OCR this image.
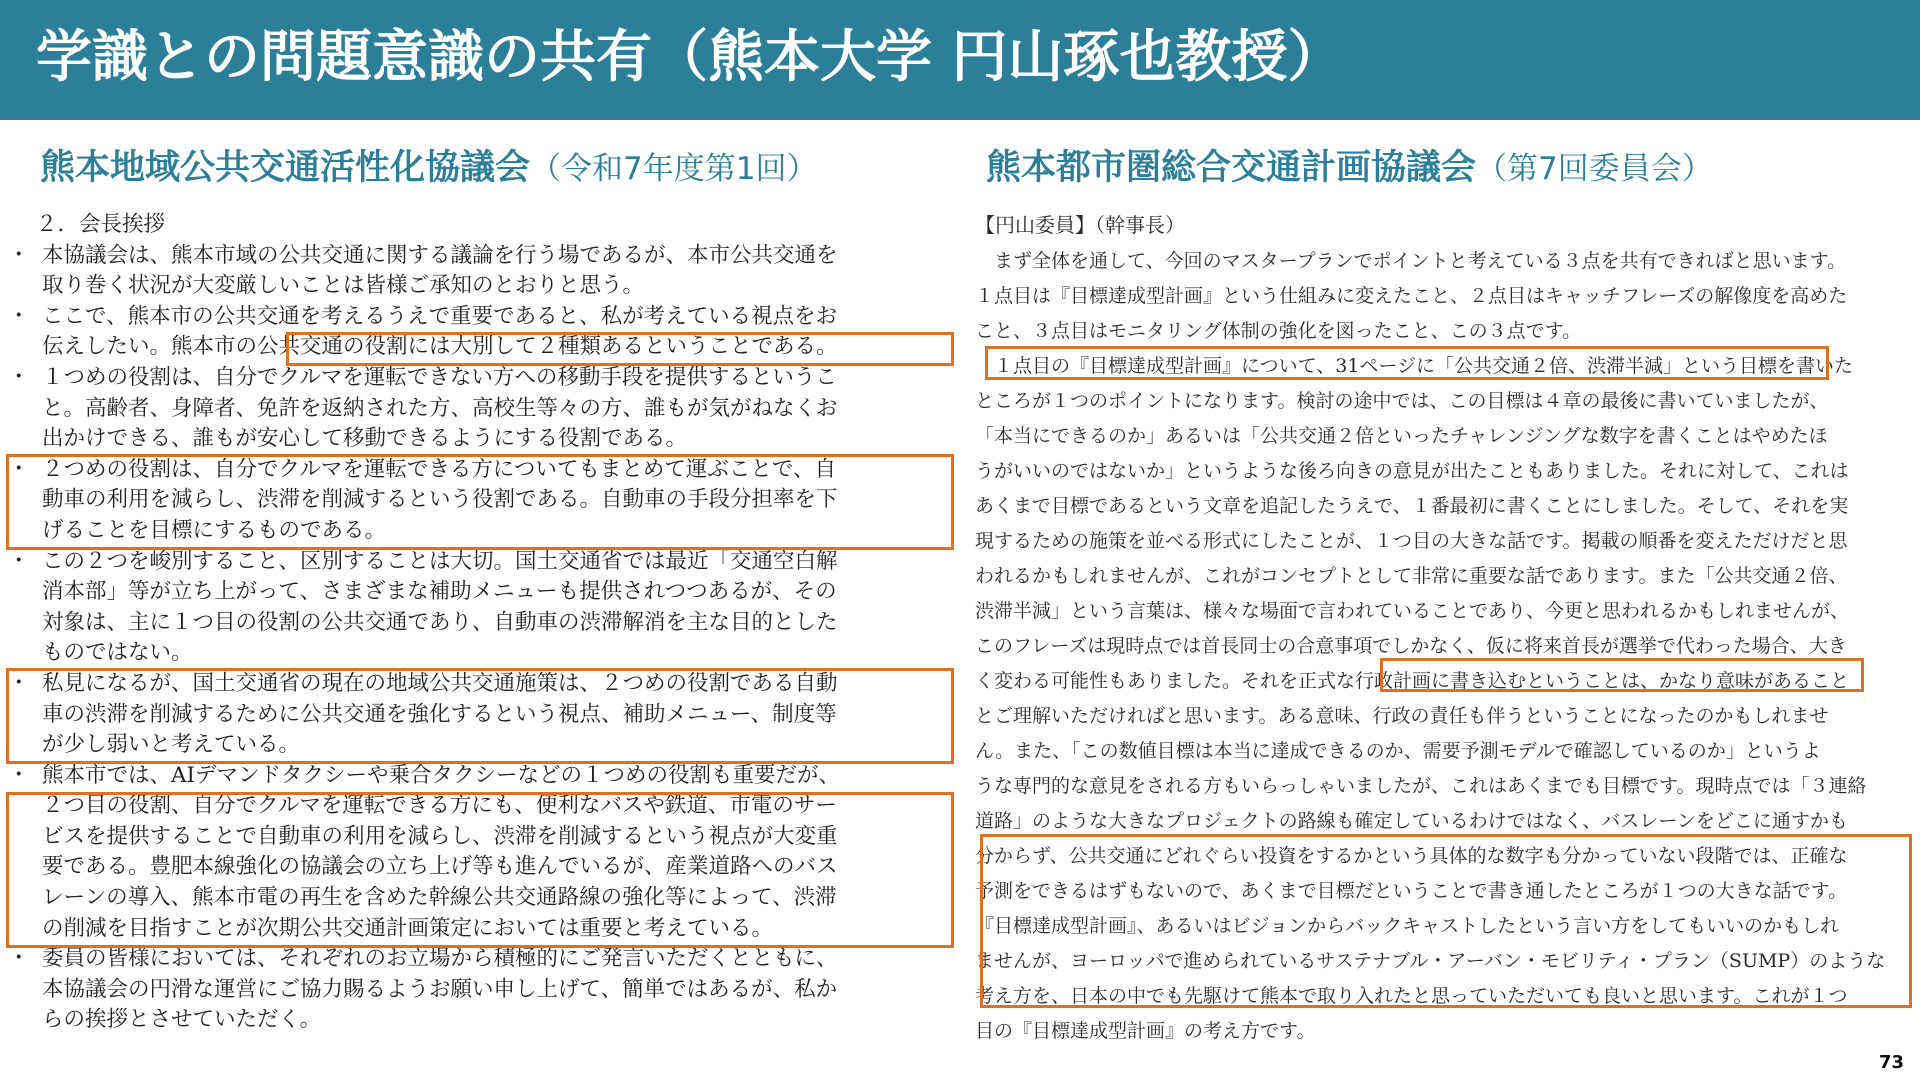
学識との問題意識の共有（熊本大学 円山琢也教授）
熊本地域公共交通活性化協議会（令和7年度第1回）	熊本都市圏総合交通計画協議会（第7回委員会）
２．会長挨拶
・ 本協議会は、熊本市域の公共交通に関する議論を行う場であるが、本市公共交通を
取り巻く状況が大変厳しいことは皆様ご承知のとおりと思う。
・ ここで、熊本市の公共交通を考えるうえで重要であると、私が考えている視点をお
伝えしたい。熊本市の公共交通の役割には大別して２種類あるということである。
・ １つめの役割は、自分でクルマを運転できない方への移動手段を提供するというこ
と。高齢者、身障者、免許を返納された方、高校生等々の方、誰もが気がねなくお
出かけできる、誰もが安心して移動できるようにする役割である。
・ ２つめの役割は、自分でクルマを運転できる方についてもまとめて運ぶことで、自
動車の利用を減らし、渋滞を削減するという役割である。自動車の手段分担率を下
げることを目標にするものである。
・ この２つを峻別すること、区別することは大切。国土交通省では最近「交通空白解
消本部」等が立ち上がって、さまざまな補助メニューも提供されつつあるが、その
対象は、主に１つ目の役割の公共交通であり、自動車の渋滞解消を主な目的とした
ものではない。
・ 私見になるが、国土交通省の現在の地域公共交通施策は、２つめの役割である自動
車の渋滞を削減するために公共交通を強化するという視点、補助メニュー、制度等
が少し弱いと考えている。
・ 熊本市では、AIデマンドタクシーや乗合タクシーなどの１つめの役割も重要だが、
２つ目の役割、自分でクルマを運転できる方にも、便利なバスや鉄道、市電のサー
ビスを提供することで自動車の利用を減らし、渋滞を削減するという視点が大変重
要である。豊肥本線強化の協議会の立ち上げ等も進んでいるが、産業道路へのバス
レーンの導入、熊本市電の再生を含めた幹線公共交通路線の強化等によって、渋滞
の削減を目指すことが次期公共交通計画策定においては重要と考えている。
・ 委員の皆様においては、それぞれのお立場から積極的にご発言いただくとともに、
本協議会の円滑な運営にご協力賜るようお願い申し上げて、簡単ではあるが、私か
らの挨拶とさせていただく。
【円山委員】（幹事長）
　まず全体を通して、今回のマスタープランでポイントと考えている３点を共有できればと思います。
１点目は『目標達成型計画』という仕組みに変えたこと、２点目はキャッチフレーズの解像度を高めた
こと、３点目はモニタリング体制の強化を図ったこと、この３点です。
　１点目の『目標達成型計画』について、31ページに「公共交通２倍、渋滞半減」という目標を書いた
ところが１つのポイントになります。検討の途中では、この目標は４章の最後に書いていましたが、
「本当にできるのか」あるいは「公共交通２倍といったチャレンジングな数字を書くことはやめたほ
うがいいのではないか」というような後ろ向きの意見が出たこともありました。それに対して、これは
あくまで目標であるという文章を追記したうえで、１番最初に書くことにしました。そして、それを実
現するための施策を並べる形式にしたことが、１つ目の大きな話です。掲載の順番を変えただけだと思
われるかもしれませんが、これがコンセプトとして非常に重要な話であります。また「公共交通２倍、
渋滞半減」という言葉は、様々な場面で言われていることであり、今更と思われるかもしれませんが、
このフレーズは現時点では首長同士の合意事項でしかなく、仮に将来首長が選挙で代わった場合、大き
く変わる可能性もありました。それを正式な行政計画に書き込むということは、かなり意味があること
とご理解いただければと思います。ある意味、行政の責任も伴うということになったのかもしれませ
ん。また、「この数値目標は本当に達成できるのか、需要予測モデルで確認しているのか」というよ
うな専門的な意見をされる方もいらっしゃいましたが、これはあくまでも目標です。現時点では「３連絡
道路」のような大きなプロジェクトの路線も確定しているわけではなく、バスレーンをどこに通すかも
分からず、公共交通にどれぐらい投資をするかという具体的な数字も分かっていない段階では、正確な
予測をできるはずもないので、あくまで目標だということで書き通したところが１つの大きな話です。
『目標達成型計画』、あるいはビジョンからバックキャストしたという言い方をしてもいいのかもしれ
ませんが、ヨーロッパで進められているサステナブル・アーバン・モビリティ・プラン（SUMP）のような
考え方を、日本の中でも先駆けて熊本で取り入れたと思っていただいても良いと思います。これが１つ
目の『目標達成型計画』の考え方です。
73
